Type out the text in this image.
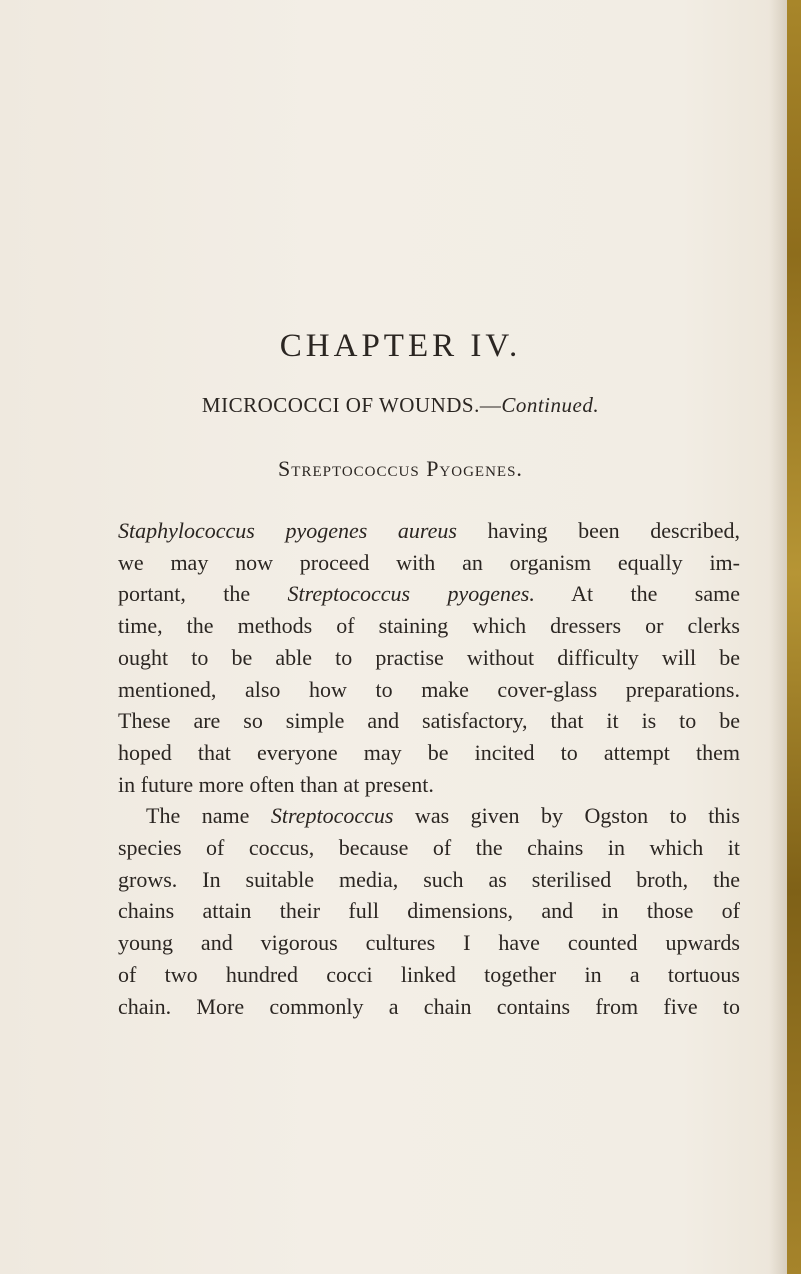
CHAPTER IV.

MICROCOCCI OF WOUNDS.—Continued.

Streptococcus Pyogenes.
Staphylococcus pyogenes aureus having been described,
we may now proceed with an organism equally im-
portant, the Streptococcus pyogenes. At the same
time, the methods of staining which dressers or clerks
ought to be able to practise without difficulty will be
mentioned, also how to make cover-glass preparations.
These are so simple and satisfactory, that it is to be
hoped that everyone may be incited to attempt them
in future more often than at present.
The name Streptococcus was given by Ogston to this
species of coccus, because of the chains in which it
grows. In suitable media, such as sterilised broth, the
chains attain their full dimensions, and in those of
young and vigorous cultures I have counted upwards
of two hundred cocci linked together in a tortuous
chain. More commonly a chain contains from five to
